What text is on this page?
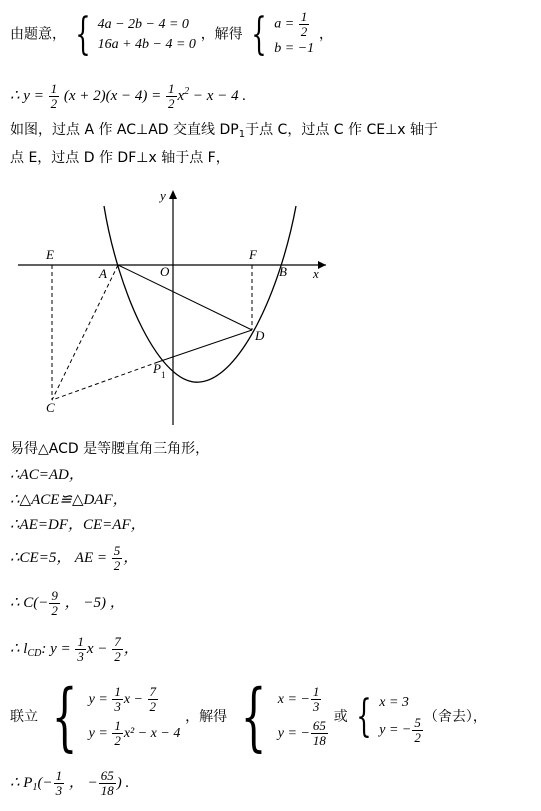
由题意， { 4a − 2b − 4 = 0
16a + 4b − 4 = 0
，解得 { $a = \frac{1}{2}$
b = −1
，
∴ $y = \frac{1}{2} (x + 2)(x - 4) = \frac{1}{2} x^2 - x - 4$ .
如图，过点 A 作 AC⊥AD 交直线 $DP_1$于点 C，过点 C 作 CE⊥x 轴于
点 E，过点 D 作 DF⊥x 轴于点 F，
E
A	O
F
B x
y
D
P 1
C
易得△ACD 是等腰直角三角形，
∴AC=AD，
∴△ACE≌△DAF，
∴AE=DF，CE=AF，
∴CE=5， AE = $\frac{5}{2}$ ，
∴ $C(- \frac{9}{2}$ ， −5) ，
∴ $l_{CD}$: $y = \frac{1}{3}$ $x - \frac{7}{2}$ ，
联立 { $y = \frac{1}{3}$ $x - \frac{7}{2}$
$y = \frac{1}{2} x^2 - x - 4$
，解得 { x = − $\frac{1}{3}$
y = − $\frac{65}{18}$
或 { x = 3
y = − $\frac{5}{2}$ （舍去），
∴ $P_1(- \frac{1}{3}$ ， − $\frac{65}{18}$ ) .
